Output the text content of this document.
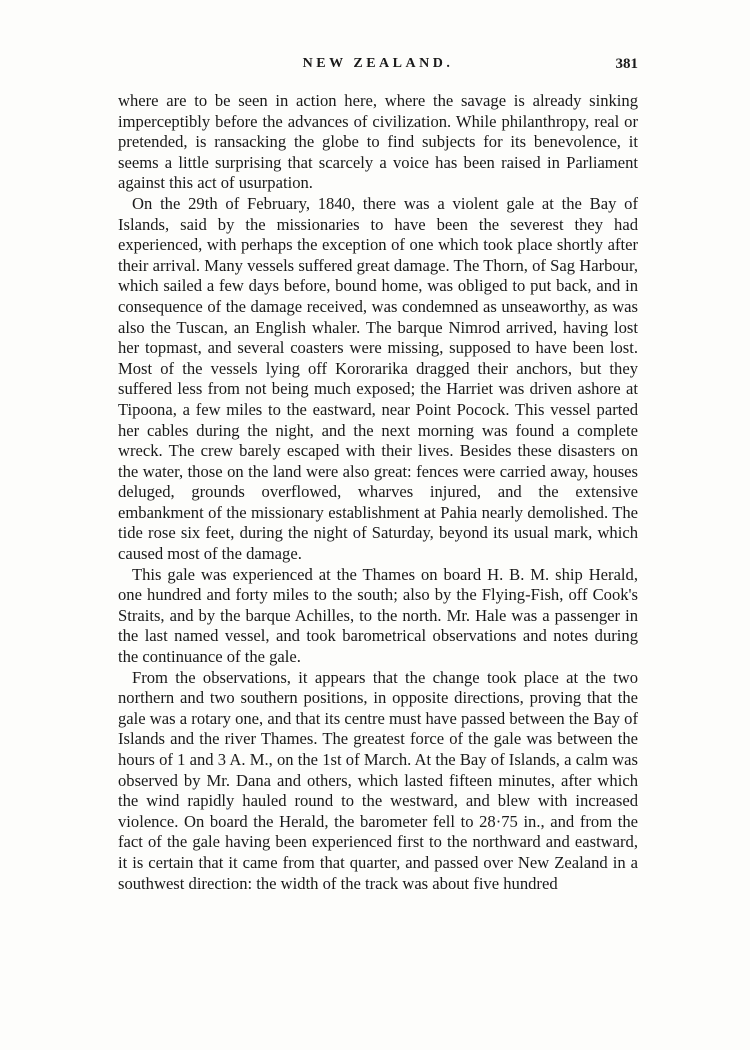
NEW ZEALAND.	381

where are to be seen in action here, where the savage is already sinking imperceptibly before the advances of civilization. While philanthropy, real or pretended, is ransacking the globe to find subjects for its benevolence, it seems a little surprising that scarcely a voice has been raised in Parliament against this act of usurpation.

On the 29th of February, 1840, there was a violent gale at the Bay of Islands, said by the missionaries to have been the severest they had experienced, with perhaps the exception of one which took place shortly after their arrival. Many vessels suffered great damage. The Thorn, of Sag Harbour, which sailed a few days before, bound home, was obliged to put back, and in consequence of the damage received, was condemned as unseaworthy, as was also the Tuscan, an English whaler. The barque Nimrod arrived, having lost her topmast, and several coasters were missing, supposed to have been lost. Most of the vessels lying off Kororarika dragged their anchors, but they suffered less from not being much exposed; the Harriet was driven ashore at Tipoona, a few miles to the eastward, near Point Pocock. This vessel parted her cables during the night, and the next morning was found a complete wreck. The crew barely escaped with their lives. Besides these disasters on the water, those on the land were also great: fences were carried away, houses deluged, grounds overflowed, wharves injured, and the extensive embankment of the missionary establishment at Pahia nearly demolished. The tide rose six feet, during the night of Saturday, beyond its usual mark, which caused most of the damage.

This gale was experienced at the Thames on board H. B. M. ship Herald, one hundred and forty miles to the south; also by the Flying-Fish, off Cook's Straits, and by the barque Achilles, to the north. Mr. Hale was a passenger in the last named vessel, and took barometrical observations and notes during the continuance of the gale.

From the observations, it appears that the change took place at the two northern and two southern positions, in opposite directions, proving that the gale was a rotary one, and that its centre must have passed between the Bay of Islands and the river Thames. The greatest force of the gale was between the hours of 1 and 3 A. M., on the 1st of March. At the Bay of Islands, a calm was observed by Mr. Dana and others, which lasted fifteen minutes, after which the wind rapidly hauled round to the westward, and blew with increased violence. On board the Herald, the barometer fell to 28·75 in., and from the fact of the gale having been experienced first to the northward and eastward, it is certain that it came from that quarter, and passed over New Zealand in a southwest direction: the width of the track was about five hundred
